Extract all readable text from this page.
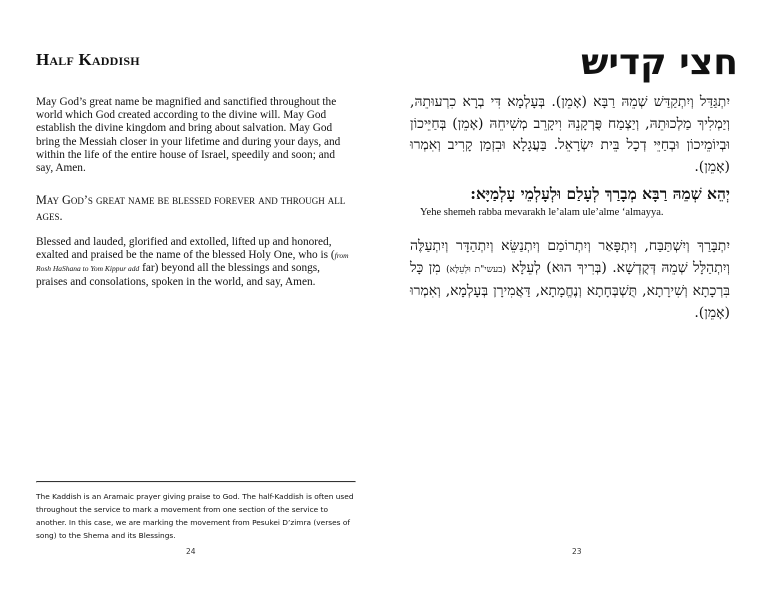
Half Kaddish

May God’s great name be magnified and sanctified throughout the world which God created according to the divine will. May God establish the divine kingdom and bring about salvation. May God bring the Messiah closer in your lifetime and during your days, and within the life of the entire house of Israel, speedily and soon; and say, Amen.

May God’s great name be blessed forever and through all ages.

Blessed and lauded, glorified and extolled, lifted up and honored, exalted and praised be the name of the blessed Holy One, who is (from Rosh HaShana to Yom Kippur add far) beyond all the blessings and songs, praises and consolations, spoken in the world, and say, Amen.

The Kaddish is an Aramaic prayer giving praise to God. The half-Kaddish is often used throughout the service to mark a movement from one section of the service to another. In this case, we are marking the movement from Pesukei D’zimra (verses of song) to the Shema and its Blessings.

24
חצי קדיש

יִתְגַּדַּל וְיִתְקַדַּשׁ שְׁמֵהּ רַבָּא (אָמֵן). בְּעָלְמָא דִּי בְרָא כִרְעוּתֵהּ, וְיַמְלִיךְ מַלְכוּתֵהּ, וְיַצְמַח פֻּרְקָנֵהּ וִיקָרֵב מְשִׁיחֵהּ (אָמֵן) בְּחַיֵּיכוֹן וּבְיוֹמֵיכוֹן וּבְחַיֵּי דְכָל בֵּית יִשְׂרָאֵל. בַּעֲגָלָא וּבִזְמַן קָרִיב וְאִמְרוּ (אָמֵן).

יְהֵא שְׁמֵהּ רַבָּא מְבָרַךְ לְעָלַם וּלְעָלְמֵי עָלְמַיָּא:

Yehe shemeh rabba mevarakh le’alam ule’alme ‘almayya.

יִתְבָּרַךְ וְיִשְׁתַּבַּח, וְיִתְפָּאַר וְיִתְרוֹמַם וְיִתְנַשֵּׂא וְיִתְהַדָּר וְיִתְעַלֶּה וְיִתְהַלָּל שְׁמֵהּ דְּקֻדְשָׁא. (בְּרִיךְ הוּא) לְעֵלָּא (בעשי"ת וּלְעֵלָּא) מִן כָּל בִּרְכָתָא וְשִׁירָתָא, תֻּשְׁבְּחָתָא וְנֶחֱמָתָא, דַּאֲמִירָן בְּעָלְמָא, וְאִמְרוּ (אָמֵן).

23
